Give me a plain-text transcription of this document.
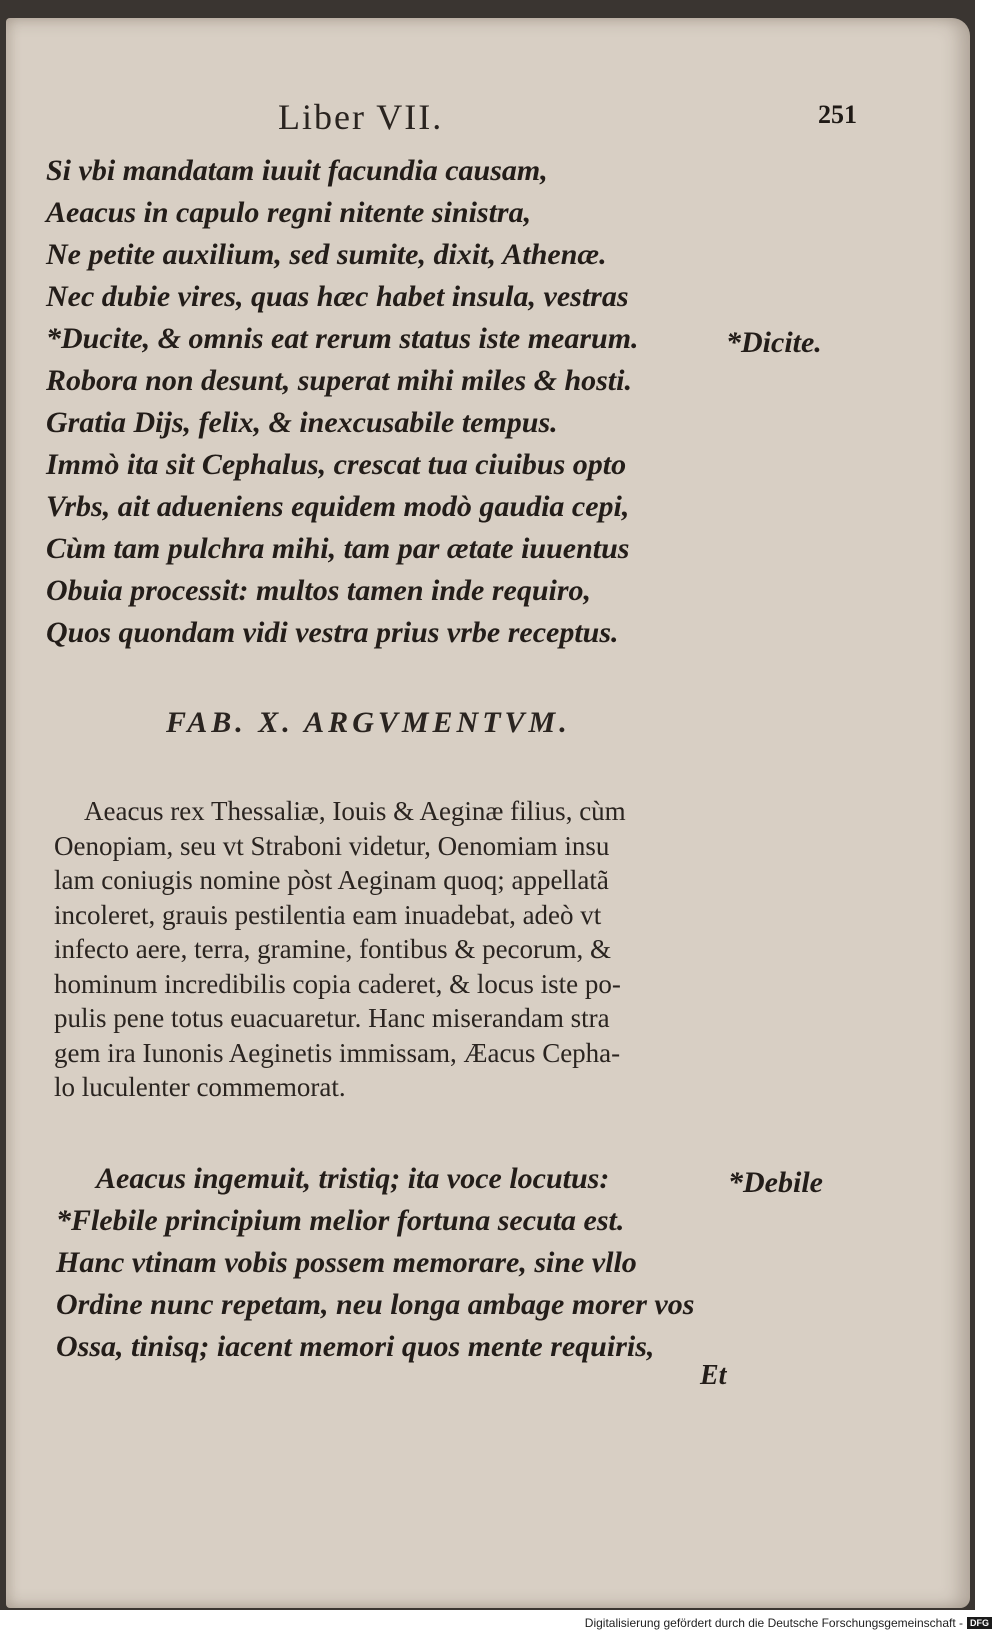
Liber VII.	251
Si vbi mandatam iuuit facundia causam,
Aeacus in capulo regni nitente sinistra,
Ne petite auxilium, sed sumite, dixit, Athenæ.
Nec dubie vires, quas hæc habet insula, vestras
*Ducite, & omnis eat rerum status iste mearum.
Robora non desunt, superat mihi miles & hosti.
Gratia Dijs, felix, & inexcusabile tempus.
Immò ita sit Cephalus, crescat tua ciuibus opto
Vrbs, ait adueniens equidem modò gaudia cepi,
Cùm tam pulchra mihi, tam par ætate iuuentus
Obuia processit: multos tamen inde requiro,
Quos quondam vidi vestra prius vrbe receptus.
*Dicite.
FAB. X. ARGVMENTVM.
Aeacus rex Thessaliæ, Iouis & Aeginæ filius, cùm
Oenopiam, seu vt Straboni videtur, Oenomiam insu
lam coniugis nomine pòst Aeginam quoq; appellatã
incoleret, grauis pestilentia eam inuadebat, adeò vt
infecto aere, terra, gramine, fontibus & pecorum, &
hominum incredibilis copia caderet, & locus iste po-
pulis pene totus euacuaretur. Hanc miserandam stra
gem ira Iunonis Aeginetis immissam, Æacus Cepha-
lo luculenter commemorat.
Aeacus ingemuit, tristiq; ita voce locutus:
*Flebile principium melior fortuna secuta est.
Hanc vtinam vobis possem memorare, sine vllo
Ordine nunc repetam, neu longa ambage morer vos
Ossa, tinisq; iacent memori quos mente requiris,
*Debile
Et
Digitalisierung gefördert durch die Deutsche Forschungsgemeinschaft - DFG
